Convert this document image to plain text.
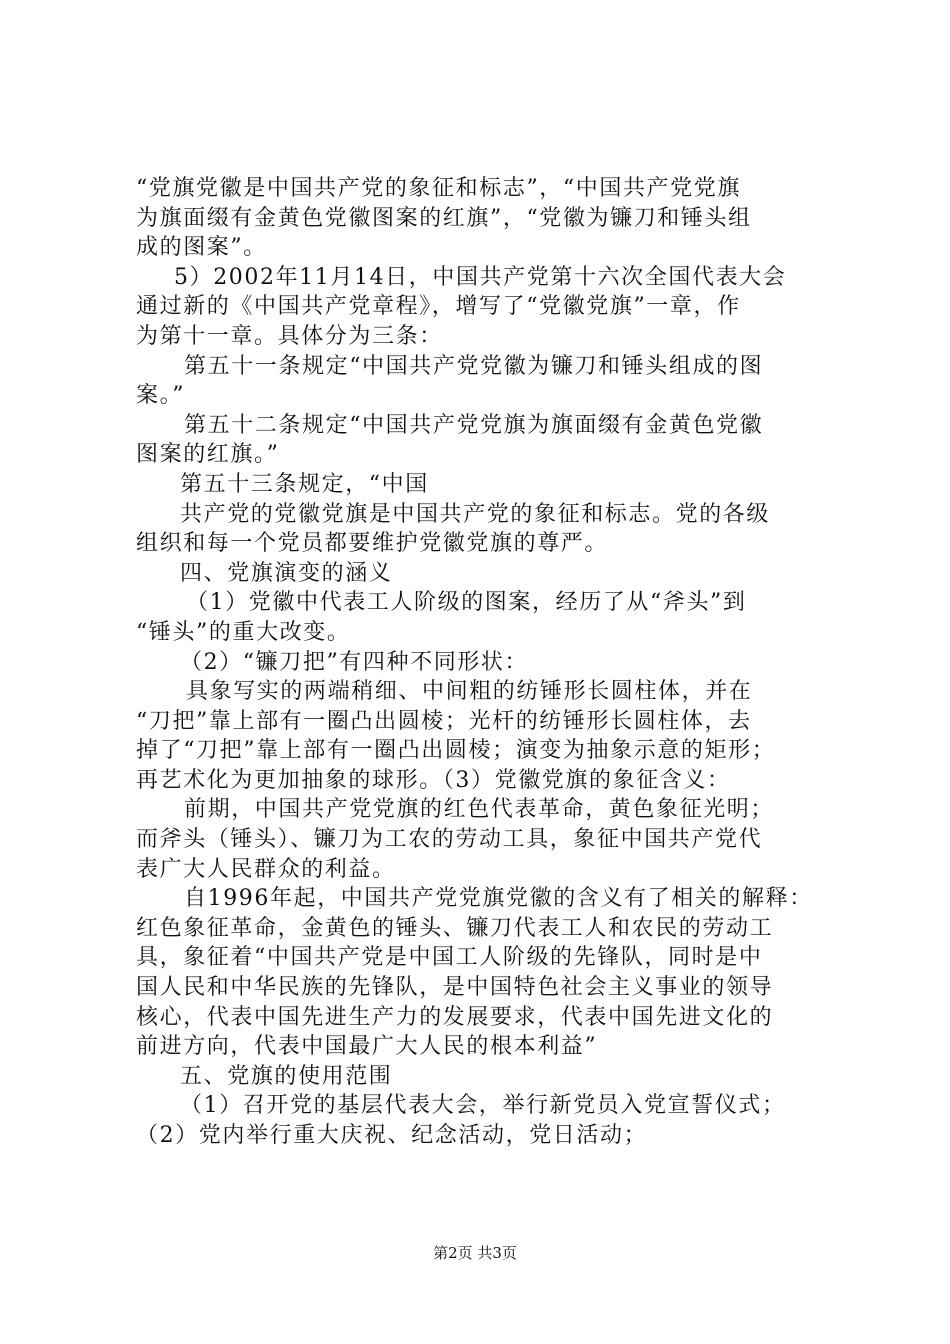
“党旗党徽是中国共产党的象征和标志”，“中国共产党党旗
为旗面缀有金黄色党徽图案的红旗”，“党徽为镰刀和锤头组
成的图案”。
5）2002年11月14日，中国共产党第十六次全国代表大会
通过新的《中国共产党章程》，增写了“党徽党旗”一章，作
为第十一章。具体分为三条：
第五十一条规定“中国共产党党徽为镰刀和锤头组成的图
案。”
第五十二条规定“中国共产党党旗为旗面缀有金黄色党徽
图案的红旗。”
第五十三条规定，“中国
共产党的党徽党旗是中国共产党的象征和标志。党的各级
组织和每一个党员都要维护党徽党旗的尊严。
四、党旗演变的涵义
（1）党徽中代表工人阶级的图案，经历了从“斧头”到
“锤头”的重大改变。
（2）“镰刀把”有四种不同形状：
具象写实的两端稍细、中间粗的纺锤形长圆柱体，并在
“刀把”靠上部有一圈凸出圆棱；光杆的纺锤形长圆柱体，去
掉了“刀把”靠上部有一圈凸出圆棱；演变为抽象示意的矩形；
再艺术化为更加抽象的球形。（3）党徽党旗的象征含义：
前期，中国共产党党旗的红色代表革命，黄色象征光明；
而斧头（锤头）、镰刀为工农的劳动工具，象征中国共产党代
表广大人民群众的利益。
自1996年起，中国共产党党旗党徽的含义有了相关的解释：
红色象征革命，金黄色的锤头、镰刀代表工人和农民的劳动工
具，象征着“中国共产党是中国工人阶级的先锋队，同时是中
国人民和中华民族的先锋队，是中国特色社会主义事业的领导
核心，代表中国先进生产力的发展要求，代表中国先进文化的
前进方向，代表中国最广大人民的根本利益”
五、党旗的使用范围
（1）召开党的基层代表大会，举行新党员入党宣誓仪式；
（2）党内举行重大庆祝、纪念活动，党日活动；
第2页 共3页
